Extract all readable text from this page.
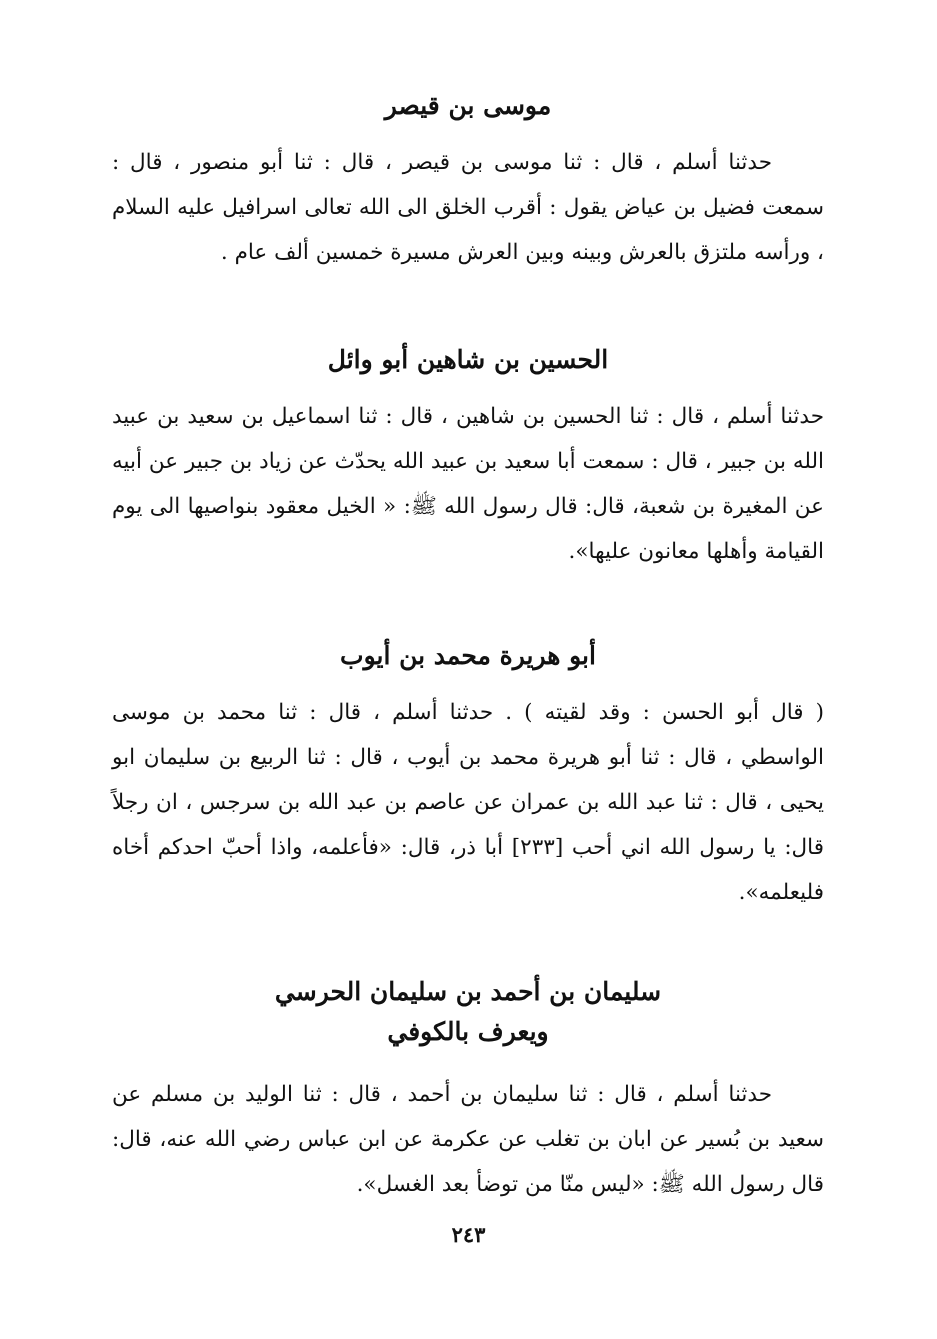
موسى بن قيصر

حدثنا أسلم ، قال : ثنا موسى بن قيصر ، قال : ثنا أبو منصور ، قال : سمعت فضيل بن عياض يقول : أقرب الخلق الى الله تعالى اسرافيل عليه السلام ، ورأسه ملتزق بالعرش وبينه وبين العرش مسيرة خمسين ألف عام .

الحسين بن شاهين أبو وائل

حدثنا أسلم ، قال : ثنا الحسين بن شاهين ، قال : ثنا اسماعيل بن سعيد بن عبيد الله بن جبير ، قال : سمعت أبا سعيد بن عبيد الله يحدّث عن زياد بن جبير عن أبيه عن المغيرة بن شعبة، قال: قال رسول الله ﷺ: « الخيل معقود بنواصيها الى يوم القيامة وأهلها معانون عليها».

أبو هريرة محمد بن أيوب

( قال أبو الحسن : وقد لقيته ) . حدثنا أسلم ، قال : ثنا محمد بن موسى الواسطي ، قال : ثنا أبو هريرة محمد بن أيوب ، قال : ثنا الربيع بن سليمان ابو يحيى ، قال : ثنا عبد الله بن عمران عن عاصم بن عبد الله بن سرجس ، ان رجلاً قال: يا رسول الله اني أحب [٢٣٣] أبا ذر، قال: «فأعلمه، واذا أحبّ احدكم أخاه فليعلمه».

سليمان بن أحمد بن سليمان الحرسي
ويعرف بالكوفي

حدثنا أسلم ، قال : ثنا سليمان بن أحمد ، قال : ثنا الوليد بن مسلم عن سعيد بن بُسير عن ابان بن تغلب عن عكرمة عن ابن عباس رضي الله عنه، قال: قال رسول الله ﷺ: «ليس منّا من توضأ بعد الغسل».

٢٤٣
